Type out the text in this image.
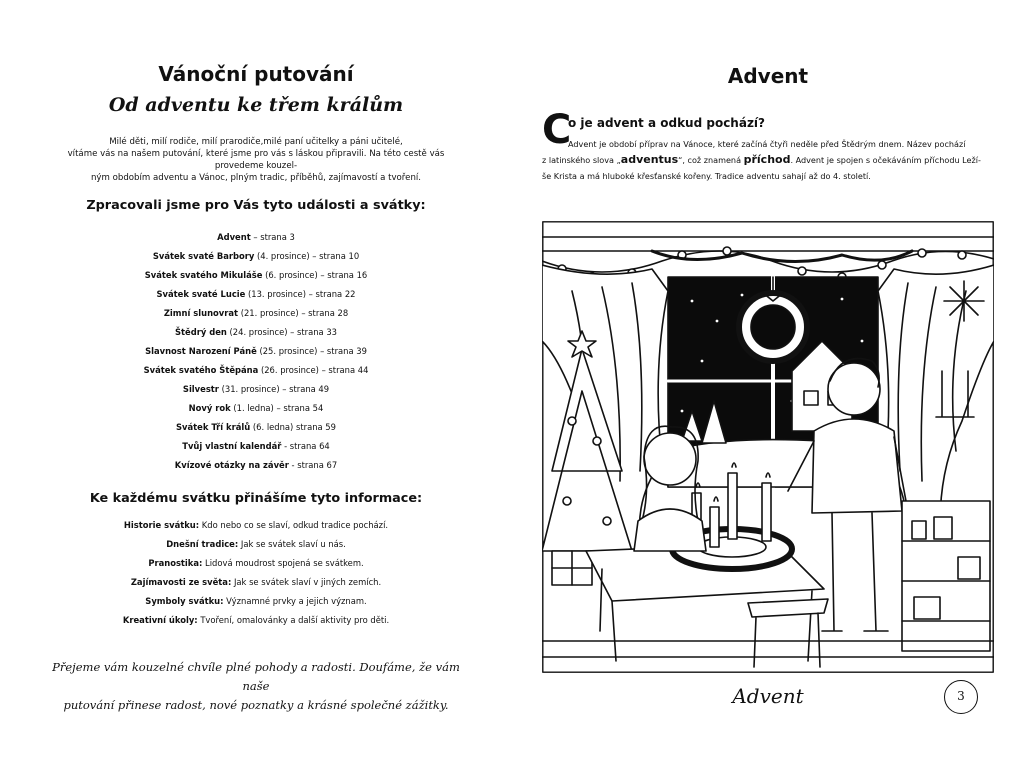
Vánoční putování
Od adventu ke třem králům
Milé děti, milí rodiče, milí prarodiče,milé paní učitelky a páni učitelé,
vítáme vás na našem putování, které jsme pro vás s láskou připravili. Na této cestě vás provedeme kouzel-
ným obdobím adventu a Vánoc, plným tradic, příběhů, zajímavostí a tvoření.
Zpracovali jsme pro Vás tyto události a svátky:
Advent – strana 3
Svátek svaté Barbory (4. prosince) – strana 10
Svátek svatého Mikuláše (6. prosince) – strana 16
Svátek svaté Lucie (13. prosince) – strana 22
Zimní slunovrat (21. prosince) – strana 28
Štědrý den (24. prosince) – strana 33
Slavnost Narození Páně (25. prosince) – strana 39
Svátek svatého Štěpána (26. prosince) – strana 44
Silvestr (31. prosince) – strana 49
Nový rok (1. ledna) – strana 54
Svátek Tří králů (6. ledna) strana 59
Tvůj vlastní kalendář - strana 64
Kvízové otázky na závěr - strana 67
Ke každému svátku přinášíme tyto informace:
Historie svátku: Kdo nebo co se slaví, odkud tradice pochází.
Dnešní tradice: Jak se svátek slaví u nás.
Pranostika: Lidová moudrost spojená se svátkem.
Zajímavosti ze světa: Jak se svátek slaví v jiných zemích.
Symboly svátku: Významné prvky a jejich význam.
Kreativní úkoly: Tvoření, omalovánky a další aktivity pro děti.
Přejeme vám kouzelné chvíle plné pohody a radosti. Doufáme, že vám naše
putování přinese radost, nové poznatky a krásné společné zážitky.
Advent
C
o je advent a odkud pochází?
Advent je období příprav na Vánoce, které začíná čtyři neděle před Štědrým dnem. Název pochází
z latinského slova „adventus“, což znamená příchod. Advent je spojen s očekáváním příchodu Leží-
še Krista a má hluboké křesťanské kořeny. Tradice adventu sahají až do 4. století.
Advent	3
